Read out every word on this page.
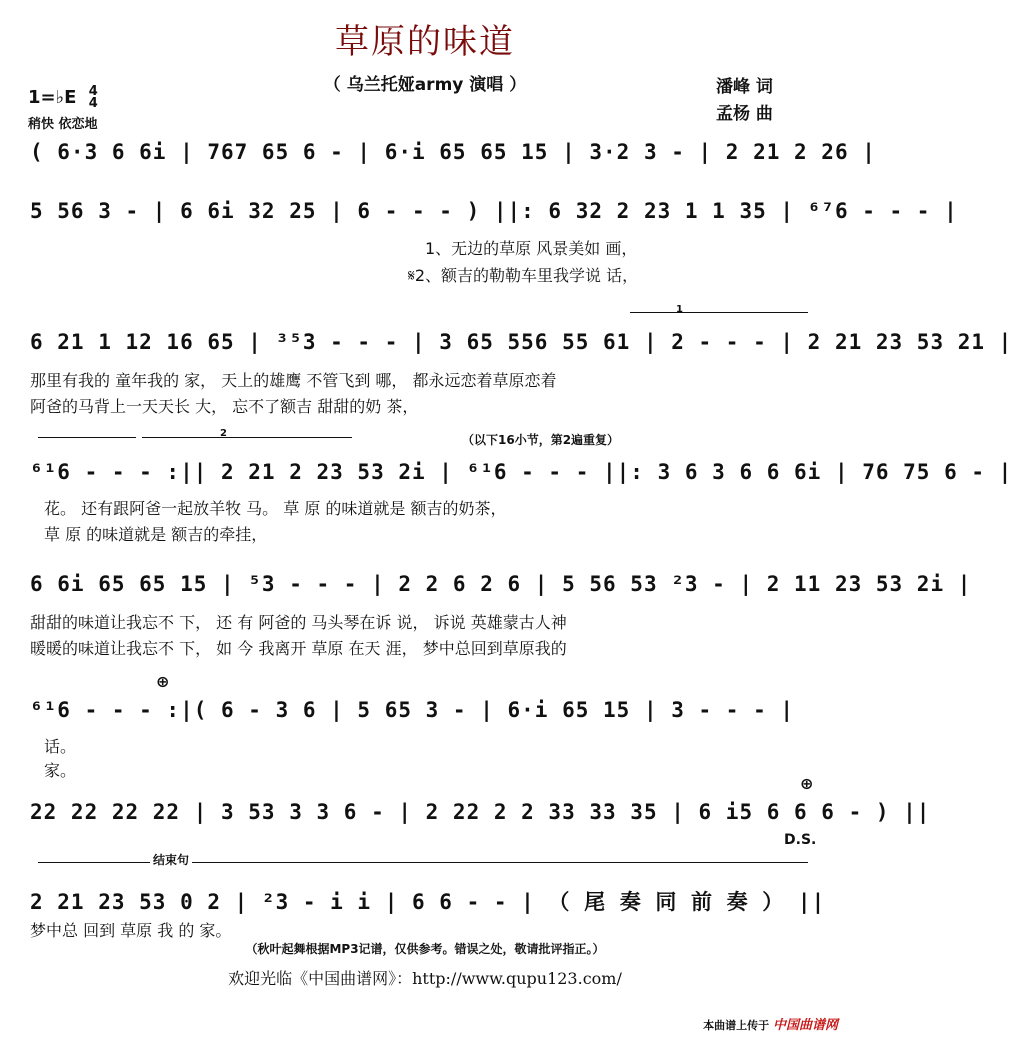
草原的味道
（ 乌兰托娅army 演唱 ）	潘峰 词
孟杨 曲
1=♭E 4
4
稍快 依恋地
( 6·3 6 6i | 767 65 6 - | 6·i 65 65 15 | 3·2 3 - | 2 21 2 26 |
5 56 3 - | 6 6i 32 25 | 6 - - - ) ||: 6 32 2 23 1 1 35 | ⁶⁷6 - - - |
1、无边的草原 风景美如 画，
𝄋2、额吉的勒勒车里我学说 话，
1
6 21 1 12 16 65 | ³⁵3 - - - | 3 65 556 55 61 | 2 - - - | 2 21 23 53 21 |
那里有我的 童年我的 家， 天上的雄鹰 不管飞到 哪， 都永远恋着草原恋着
阿爸的马背上一天天长 大， 忘不了额吉 甜甜的奶 茶，
2	（以下16小节，第2遍重复）
⁶¹6 - - - :|| 2 21 2 23 53 2i | ⁶¹6 - - - ||: 3 6 3 6 6 6i | 76 75 6 - |
花。 还有跟阿爸一起放羊牧 马。 草 原 的味道就是 额吉的奶茶，
草 原 的味道就是 额吉的牵挂，
6 6i 65 65 15 | ⁵3 - - - | 2 2 6 2 6 | 5 56 53 ²3 - | 2 11 23 53 2i |
甜甜的味道让我忘不 下， 还 有 阿爸的 马头琴在诉 说， 诉说 英雄蒙古人神
暖暖的味道让我忘不 下， 如 今 我离开 草原 在天 涯， 梦中总回到草原我的
⊕
⁶¹6 - - - :|( 6 - 3 6 | 5 65 3 - | 6·i 65 15 | 3 - - - |
话。
家。
⊕
22 22 22 22 | 3 53 3 3 6 - | 2 22 2 2 33 33 35 | 6 i5 6 6 6 - ) ||
D.S.
结束句
2 21 23 53 0 2 | ²3 - i i | 6 6 - - | （ 尾 奏 同 前 奏 ） ||
梦中总 回到 草原 我 的 家。
（秋叶起舞根据MP3记谱，仅供参考。错误之处，敬请批评指正。）
欢迎光临《中国曲谱网》：http://www.qupu123.com/
本曲谱上传于 中国曲谱网
